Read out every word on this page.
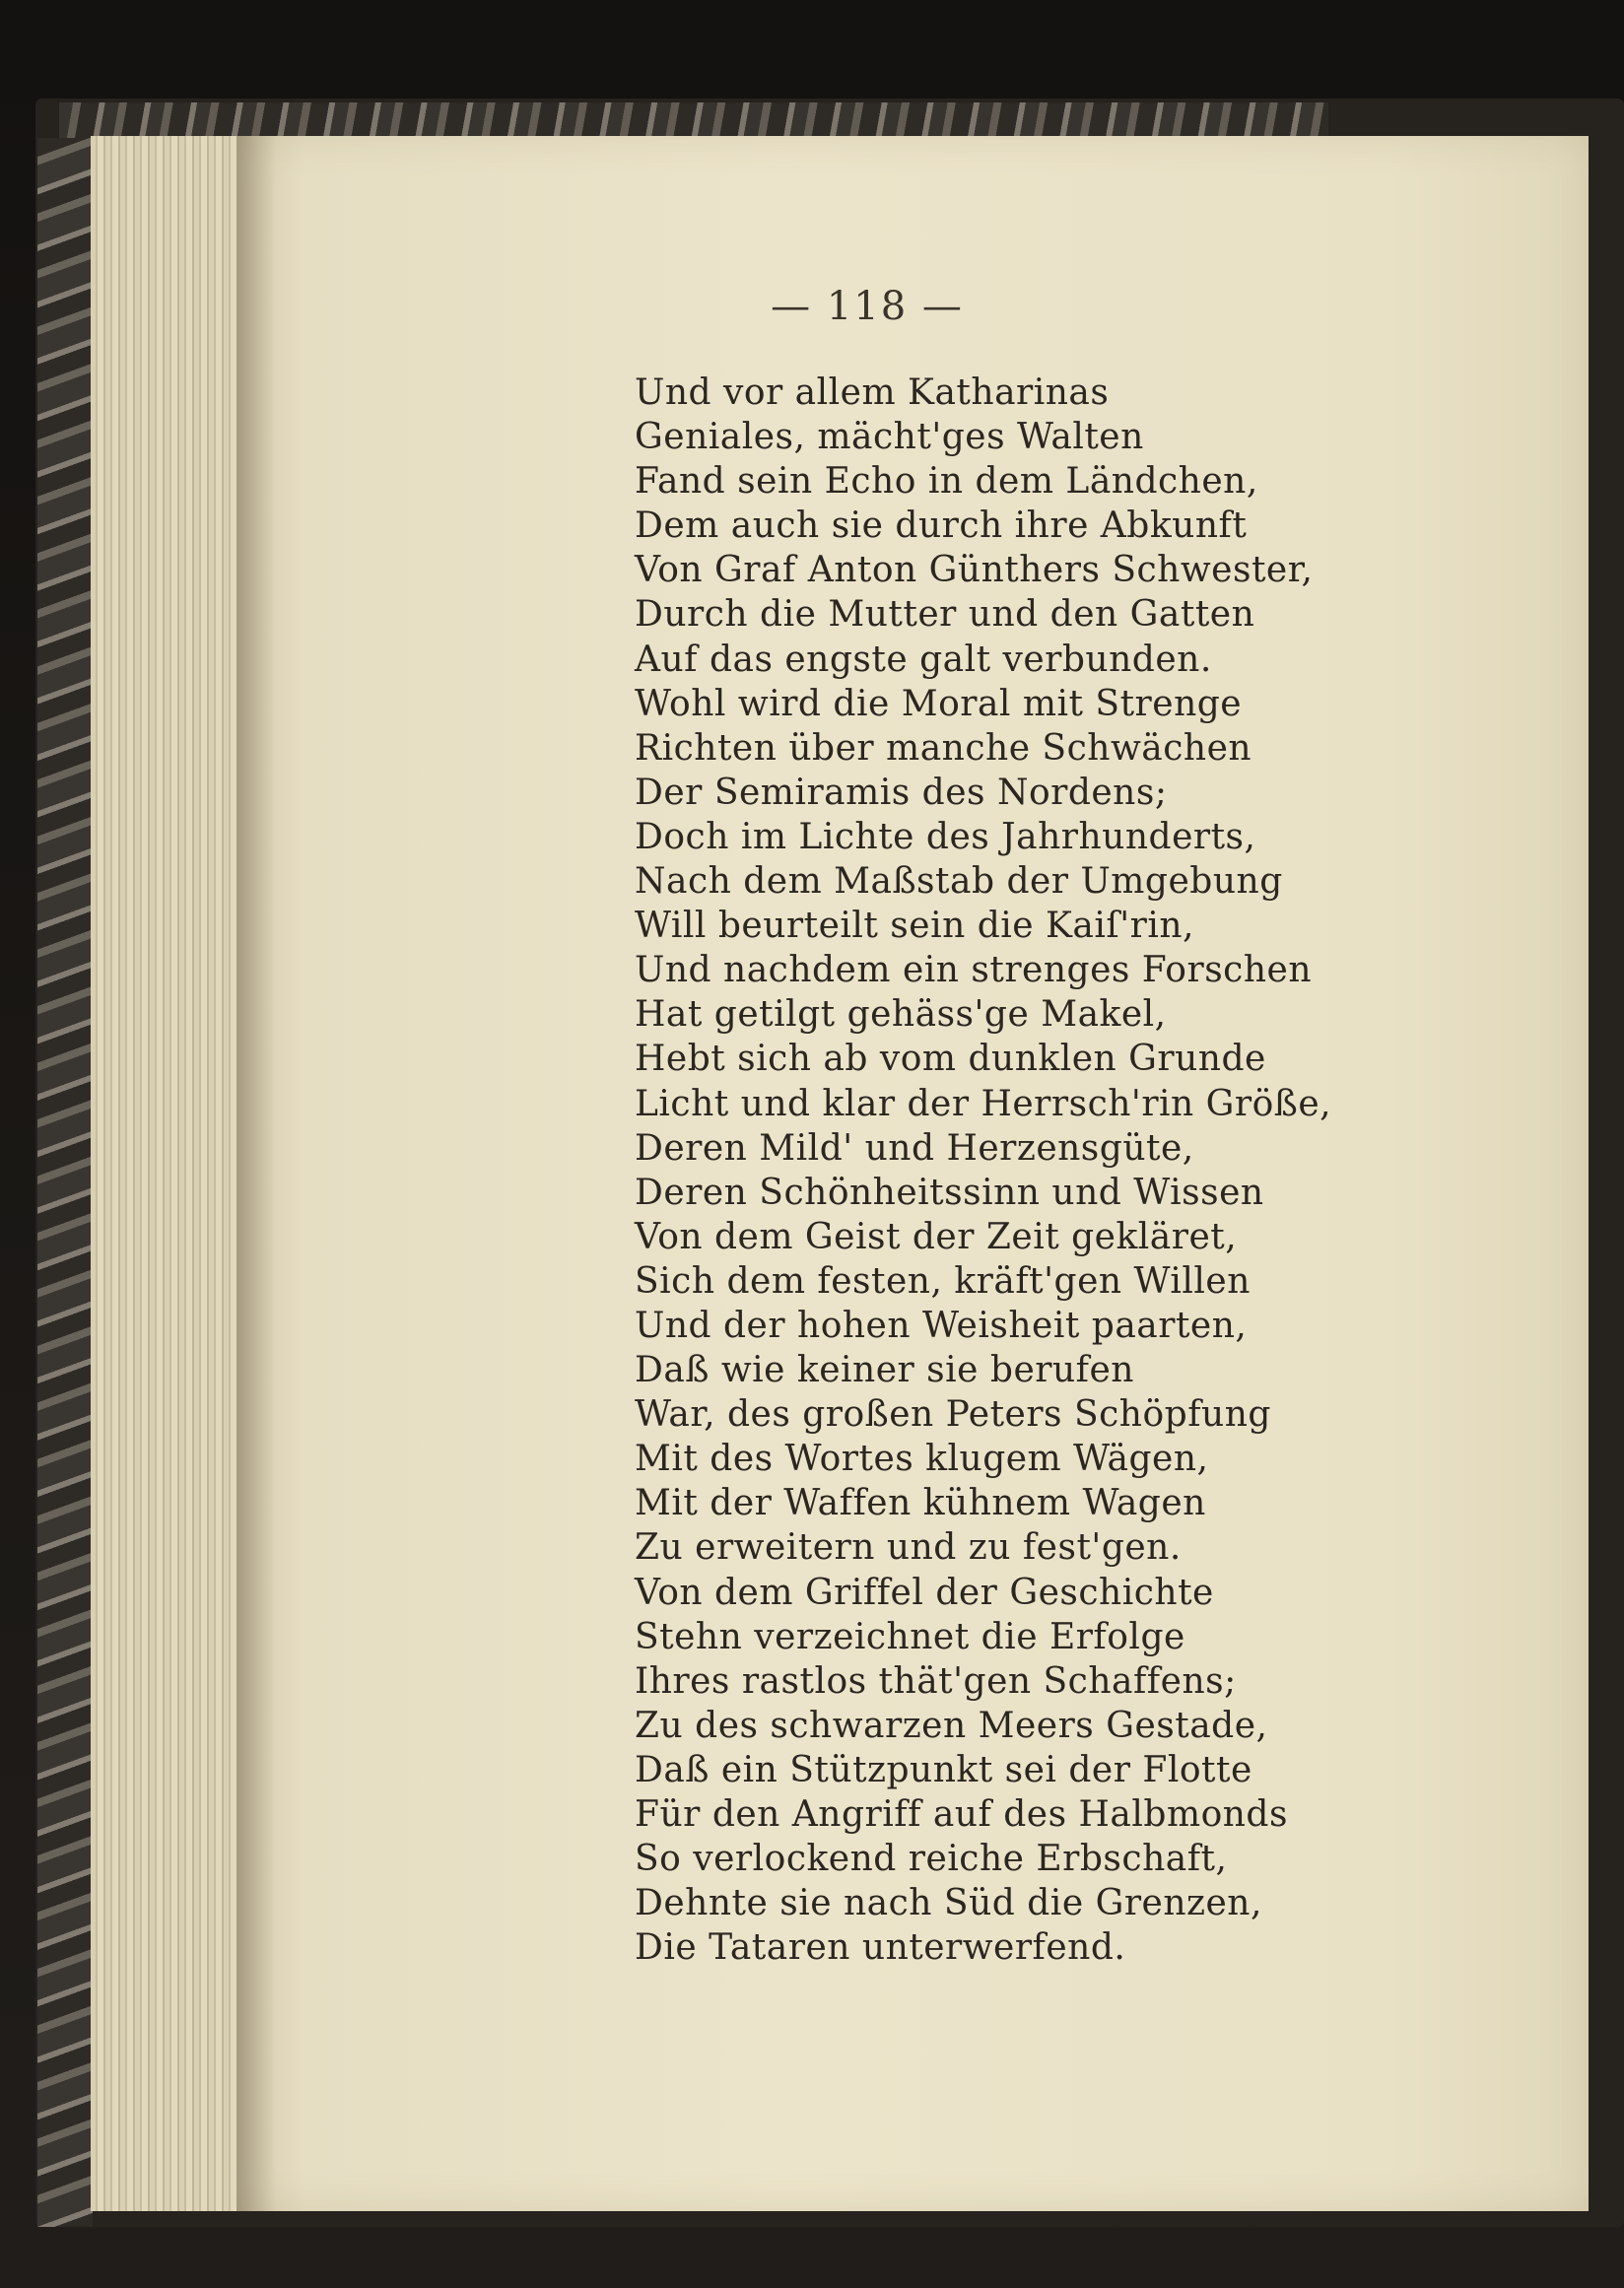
— 118 —
Und vor allem Katharinas
Geniales, mächt'ges Walten
Fand sein Echo in dem Ländchen,
Dem auch sie durch ihre Abkunft
Von Graf Anton Günthers Schwester,
Durch die Mutter und den Gatten
Auf das engste galt verbunden.
Wohl wird die Moral mit Strenge
Richten über manche Schwächen
Der Semiramis des Nordens;
Doch im Lichte des Jahrhunderts,
Nach dem Maßstab der Umgebung
Will beurteilt sein die Kaiſ'rin,
Und nachdem ein strenges Forschen
Hat getilgt gehäss'ge Makel,
Hebt sich ab vom dunklen Grunde
Licht und klar der Herrsch'rin Größe,
Deren Mild' und Herzensgüte,
Deren Schönheitssinn und Wissen
Von dem Geist der Zeit gekläret,
Sich dem festen, kräft'gen Willen
Und der hohen Weisheit paarten,
Daß wie keiner sie berufen
War, des großen Peters Schöpfung
Mit des Wortes klugem Wägen,
Mit der Waffen kühnem Wagen
Zu erweitern und zu fest'gen.
Von dem Griffel der Geschichte
Stehn verzeichnet die Erfolge
Ihres rastlos thät'gen Schaffens;
Zu des schwarzen Meers Gestade,
Daß ein Stützpunkt sei der Flotte
Für den Angriff auf des Halbmonds
So verlockend reiche Erbschaft,
Dehnte sie nach Süd die Grenzen,
Die Tataren unterwerfend.
